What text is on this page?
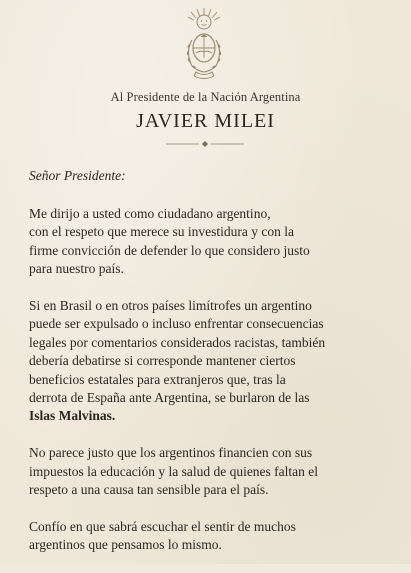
Al Presidente de la Nación Argentina
JAVIER MILEI
Señor Presidente:

Me dirijo a usted como ciudadano argentino,
con el respeto que merece su investidura y con la
firme convicción de defender lo que considero justo
para nuestro país.

Si en Brasil o en otros países limítrofes un argentino
puede ser expulsado o incluso enfrentar consecuencias
legales por comentarios considerados racistas, también
debería debatirse si corresponde mantener ciertos
beneficios estatales para extranjeros que, tras la
derrota de España ante Argentina, se burlaron de las
Islas Malvinas.

No parece justo que los argentinos financien con sus
impuestos la educación y la salud de quienes faltan el
respeto a una causa tan sensible para el país.

Confío en que sabrá escuchar el sentir de muchos
argentinos que pensamos lo mismo.
